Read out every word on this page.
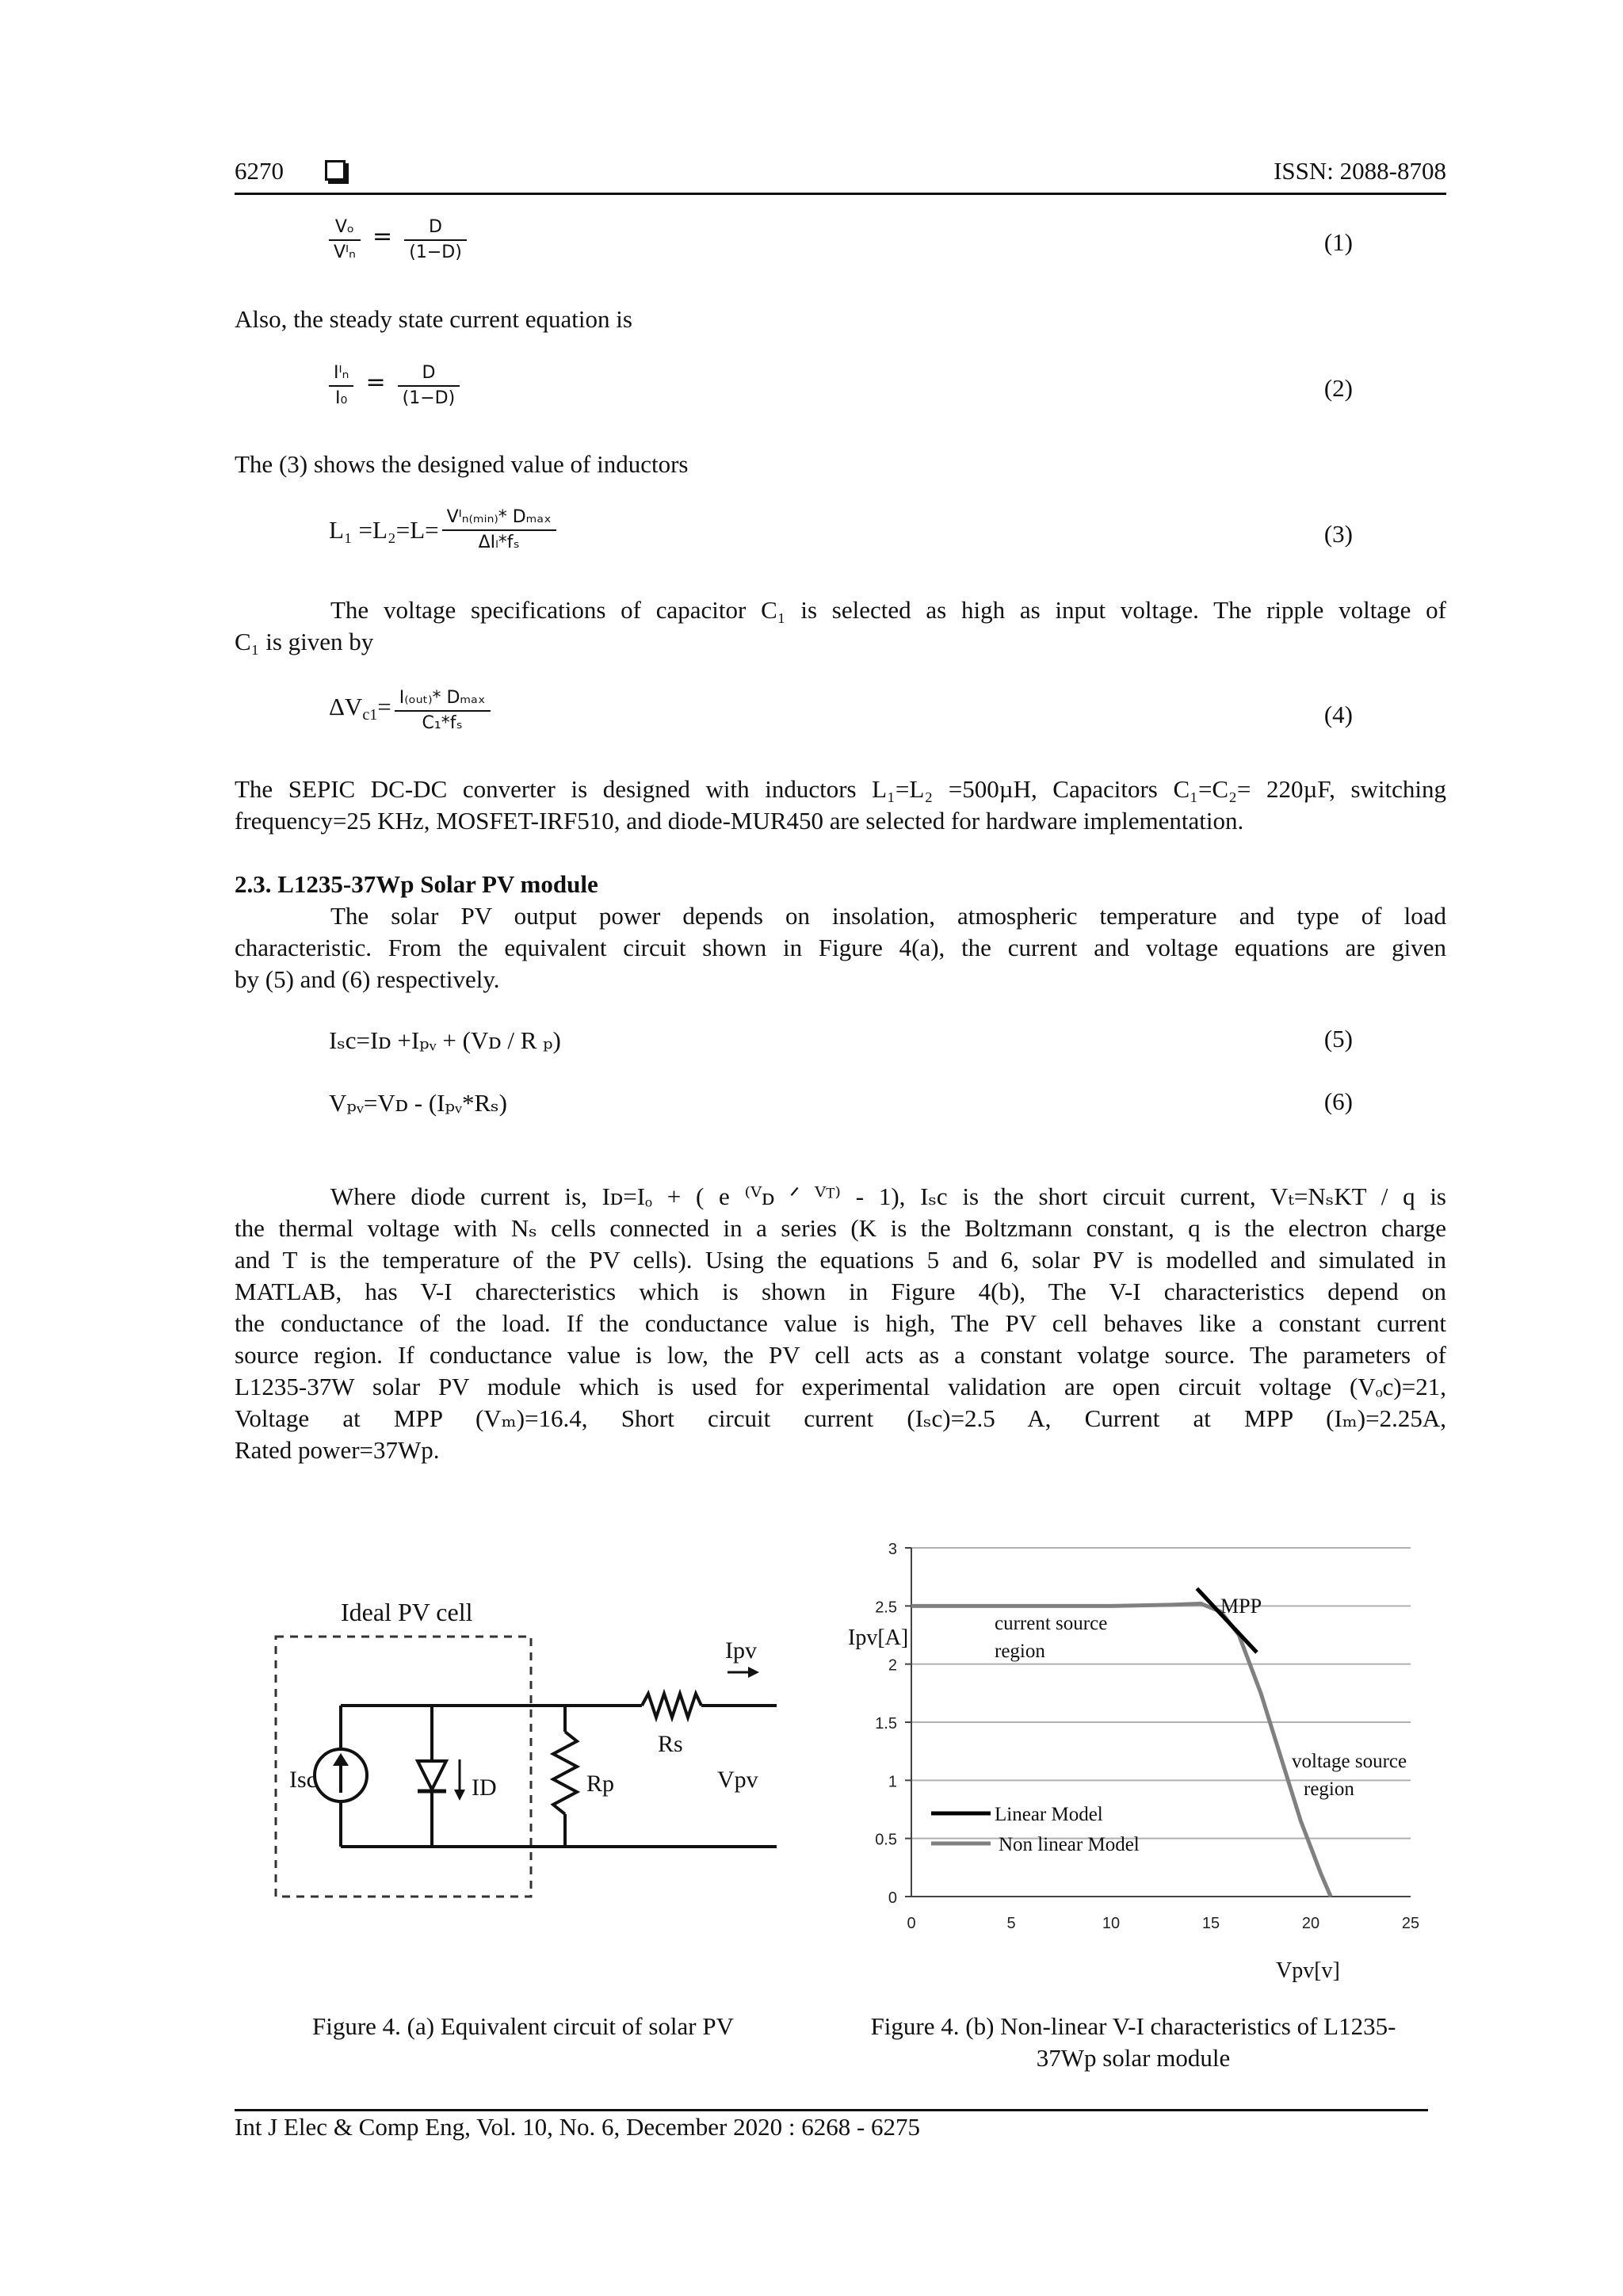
6270	ISSN: 2088-8708
$\frac{\text{Vₒ}}{\text{Vᴵₙ}} = \frac{D}{(1-D)}$	(1)
Also, the steady state current equation is
$\frac{\text{Iᴵₙ}}{\text{I₀}} = \frac{D}{(1-D)}$	(2)
The (3) shows the designed value of inductors
$L_1 =L_2=L= \frac{\text{Vᴵₙ₍ₘᵢₙ₎* Dₘₐₓ}}{\text{ΔIₗ*fₛ}}$	(3)
The voltage specifications of capacitor C₁ is selected as high as input voltage. The ripple voltage of
C₁ is given by
$\Delta V_{c1}= \frac{\text{I₍ₒᵤₜ₎* Dₘₐₓ}}{\text{C₁*fₛ}}$	(4)
The SEPIC DC-DC converter is designed with inductors L₁=L₂ =500µH, Capacitors C₁=C₂= 220µF, switching
frequency=25 KHz, MOSFET-IRF510, and diode-MUR450 are selected for hardware implementation.
2.3. L1235-37Wp Solar PV module
The solar PV output power depends on insolation, atmospheric temperature and type of load
characteristic. From the equivalent circuit shown in Figure 4(a), the current and voltage equations are given
by (5) and (6) respectively.
Iₛc=Iᴅ +Iₚᵥ + (Vᴅ / R ₚ)	(5)
Vₚᵥ=Vᴅ - (Iₚᵥ*Rₛ)	(6)
Where diode current is, Iᴅ=Iₒ + ( e ⁽ⱽᴅ ᐟ ⱽᵀ⁾ - 1), Iₛc is the short circuit current, Vₜ=NₛKT / q is
the thermal voltage with Nₛ cells connected in a series (K is the Boltzmann constant, q is the electron charge
and T is the temperature of the PV cells). Using the equations 5 and 6, solar PV is modelled and simulated in
MATLAB, has V-I charecteristics which is shown in Figure 4(b), The V-I characteristics depend on
the conductance of the load. If the conductance value is high, The PV cell behaves like a constant current
source region. If conductance value is low, the PV cell acts as a constant volatge source. The parameters of
L1235-37W solar PV module which is used for experimental validation are open circuit voltage (Vₒc)=21,
Voltage at MPP (Vₘ)=16.4, Short circuit current (Iₛc)=2.5 A, Current at MPP (Iₘ)=2.25A,
Rated power=37Wp.
Ideal PV cell
Isc	ID	Rp
Rs
Ipv
Vpv
0
0.5
1
1.5
2
2.5
3
0	5	10	15	20	25
Ipv[A]
Vpv[v]
MPP
current source
region
voltage source
region
Linear Model
Non linear Model
Figure 4. (a) Equivalent circuit of solar PV	Figure 4. (b) Non-linear V-I characteristics of L1235-
37Wp solar module
Int J Elec & Comp Eng, Vol. 10, No. 6, December 2020 : 6268 - 6275
